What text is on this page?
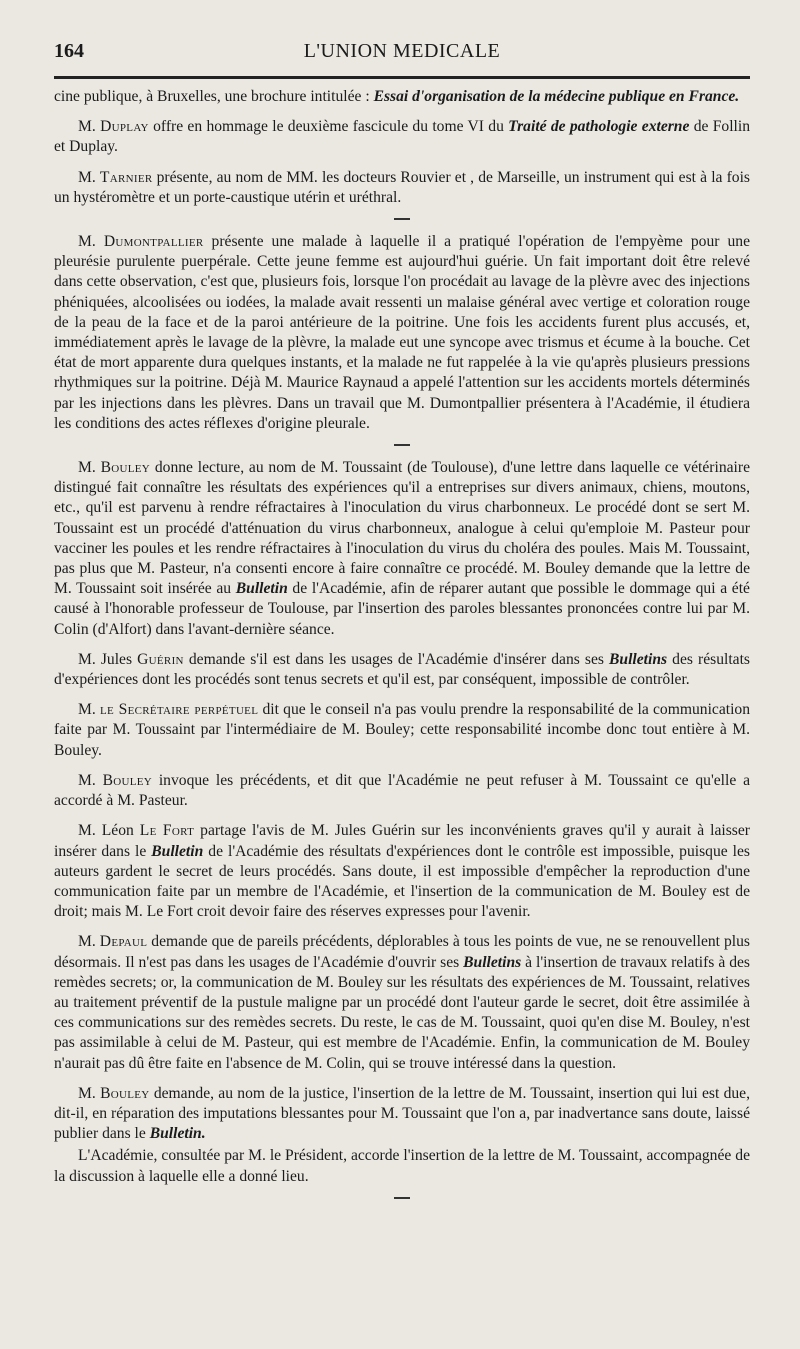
164	L'UNION MEDICALE

cine publique, à Bruxelles, une brochure intitulée : Essai d'organisation de la médecine publique en France.

M. Duplay offre en hommage le deuxième fascicule du tome VI du Traité de pathologie externe de Follin et Duplay.

M. Tarnier présente, au nom de MM. les docteurs Rouvier et , de Marseille, un instrument qui est à la fois un hystéromètre et un porte-caustique utérin et uréthral.

M. Dumontpallier présente une malade à laquelle il a pratiqué l'opération de l'empyème pour une pleurésie purulente puerpérale. Cette jeune femme est aujourd'hui guérie. Un fait important doit être relevé dans cette observation, c'est que, plusieurs fois, lorsque l'on procédait au lavage de la plèvre avec des injections phéniquées, alcoolisées ou iodées, la malade avait ressenti un malaise général avec vertige et coloration rouge de la peau de la face et de la paroi antérieure de la poitrine. Une fois les accidents furent plus accusés, et, immédiatement après le lavage de la plèvre, la malade eut une syncope avec trismus et écume à la bouche. Cet état de mort apparente dura quelques instants, et la malade ne fut rappelée à la vie qu'après plusieurs pressions rhythmiques sur la poitrine. Déjà M. Maurice Raynaud a appelé l'attention sur les accidents mortels déterminés par les injections dans les plèvres. Dans un travail que M. Dumontpallier présentera à l'Académie, il étudiera les conditions des actes réflexes d'origine pleurale.

M. Bouley donne lecture, au nom de M. Toussaint (de Toulouse), d'une lettre dans laquelle ce vétérinaire distingué fait connaître les résultats des expériences qu'il a entreprises sur divers animaux, chiens, moutons, etc., qu'il est parvenu à rendre réfractaires à l'inoculation du virus charbonneux. Le procédé dont se sert M. Toussaint est un procédé d'atténuation du virus charbonneux, analogue à celui qu'emploie M. Pasteur pour vacciner les poules et les rendre réfractaires à l'inoculation du virus du choléra des poules. Mais M. Toussaint, pas plus que M. Pasteur, n'a consenti encore à faire connaître ce procédé. M. Bouley demande que la lettre de M. Toussaint soit insérée au Bulletin de l'Académie, afin de réparer autant que possible le dommage qui a été causé à l'honorable professeur de Toulouse, par l'insertion des paroles blessantes prononcées contre lui par M. Colin (d'Alfort) dans l'avant-dernière séance.

M. Jules Guérin demande s'il est dans les usages de l'Académie d'insérer dans ses Bulletins des résultats d'expériences dont les procédés sont tenus secrets et qu'il est, par conséquent, impossible de contrôler.

M. le Secrétaire perpétuel dit que le conseil n'a pas voulu prendre la responsabilité de la communication faite par M. Toussaint par l'intermédiaire de M. Bouley; cette responsabilité incombe donc tout entière à M. Bouley.

M. Bouley invoque les précédents, et dit que l'Académie ne peut refuser à M. Toussaint ce qu'elle a accordé à M. Pasteur.

M. Léon Le Fort partage l'avis de M. Jules Guérin sur les inconvénients graves qu'il y aurait à laisser insérer dans le Bulletin de l'Académie des résultats d'expériences dont le contrôle est impossible, puisque les auteurs gardent le secret de leurs procédés. Sans doute, il est impossible d'empêcher la reproduction d'une communication faite par un membre de l'Académie, et l'insertion de la communication de M. Bouley est de droit; mais M. Le Fort croit devoir faire des réserves expresses pour l'avenir.

M. Depaul demande que de pareils précédents, déplorables à tous les points de vue, ne se renouvellent plus désormais. Il n'est pas dans les usages de l'Académie d'ouvrir ses Bulletins à l'insertion de travaux relatifs à des remèdes secrets; or, la communication de M. Bouley sur les résultats des expériences de M. Toussaint, relatives au traitement préventif de la pustule maligne par un procédé dont l'auteur garde le secret, doit être assimilée à ces communications sur des remèdes secrets. Du reste, le cas de M. Toussaint, quoi qu'en dise M. Bouley, n'est pas assimilable à celui de M. Pasteur, qui est membre de l'Académie. Enfin, la communication de M. Bouley n'aurait pas dû être faite en l'absence de M. Colin, qui se trouve intéressé dans la question.

M. Bouley demande, au nom de la justice, l'insertion de la lettre de M. Toussaint, insertion qui lui est due, dit-il, en réparation des imputations blessantes pour M. Toussaint que l'on a, par inadvertance sans doute, laissé publier dans le Bulletin.

L'Académie, consultée par M. le Président, accorde l'insertion de la lettre de M. Toussaint, accompagnée de la discussion à laquelle elle a donné lieu.
